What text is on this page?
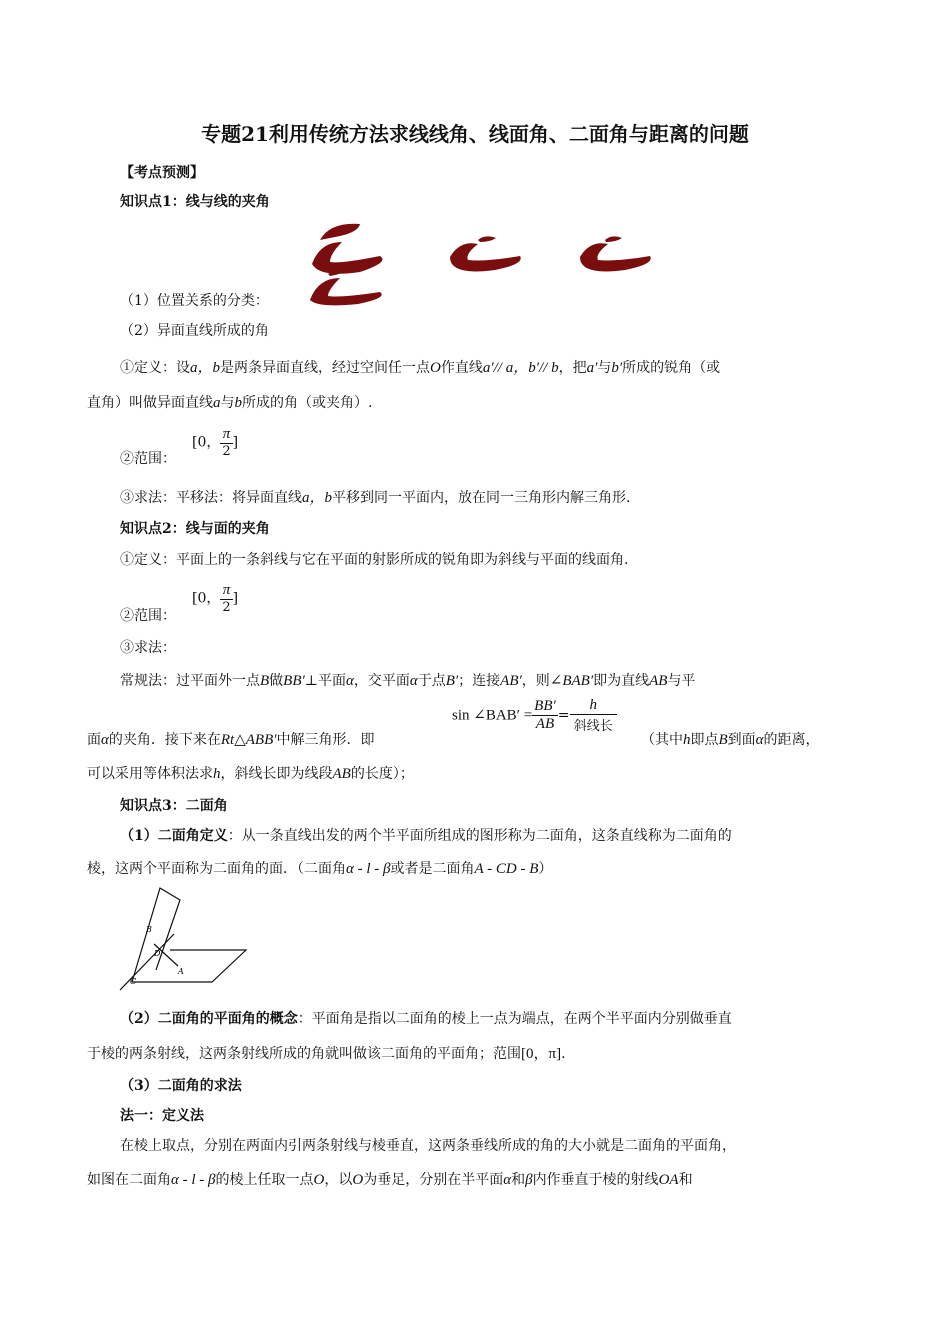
专题21利用传统方法求线线角、线面角、二面角与距离的问题
【考点预测】
知识点1：线与线的夹角
（1）位置关系的分类：
（2）异面直线所成的角
①定义：设a，b是两条异面直线，经过空间任一点O作直线a′// a，b′// b，把a′与b′所成的锐角（或
直角）叫做异面直线a与b所成的角（或夹角）.
②范围：
[0， $\frac{\pi}{2}$ ]
③求法：平移法：将异面直线a，b平移到同一平面内，放在同一三角形内解三角形.
知识点2：线与面的夹角
①定义：平面上的一条斜线与它在平面的射影所成的锐角即为斜线与平面的线面角.
②范围：
[0， $\frac{\pi}{2}$ ]
③求法：
常规法：过平面外一点B做BB′⊥平面α，交平面α于点B′；连接AB′，则∠BAB′即为直线AB与平
面α的夹角．接下来在Rt△ABB′中解三角形．即
sin ∠BAB′ = $\frac{BB'}{AB} = \frac{h}{\text{斜线长}}$
（其中h即点B到面α的距离，
可以采用等体积法求h，斜线长即为线段AB的长度）；
知识点3：二面角
（1）二面角定义：从一条直线出发的两个半平面所组成的图形称为二面角，这条直线称为二面角的
棱，这两个平面称为二面角的面．（二面角α - l - β或者是二面角A - CD - B）
B
D
A
C
（2）二面角的平面角的概念：平面角是指以二面角的棱上一点为端点，在两个半平面内分别做垂直
于棱的两条射线，这两条射线所成的角就叫做该二面角的平面角；范围[0，π].
（3）二面角的求法
法一：定义法
在棱上取点，分别在两面内引两条射线与棱垂直，这两条垂线所成的角的大小就是二面角的平面角，
如图在二面角α - l - β的棱上任取一点O，以O为垂足，分别在半平面α和β内作垂直于棱的射线OA和
